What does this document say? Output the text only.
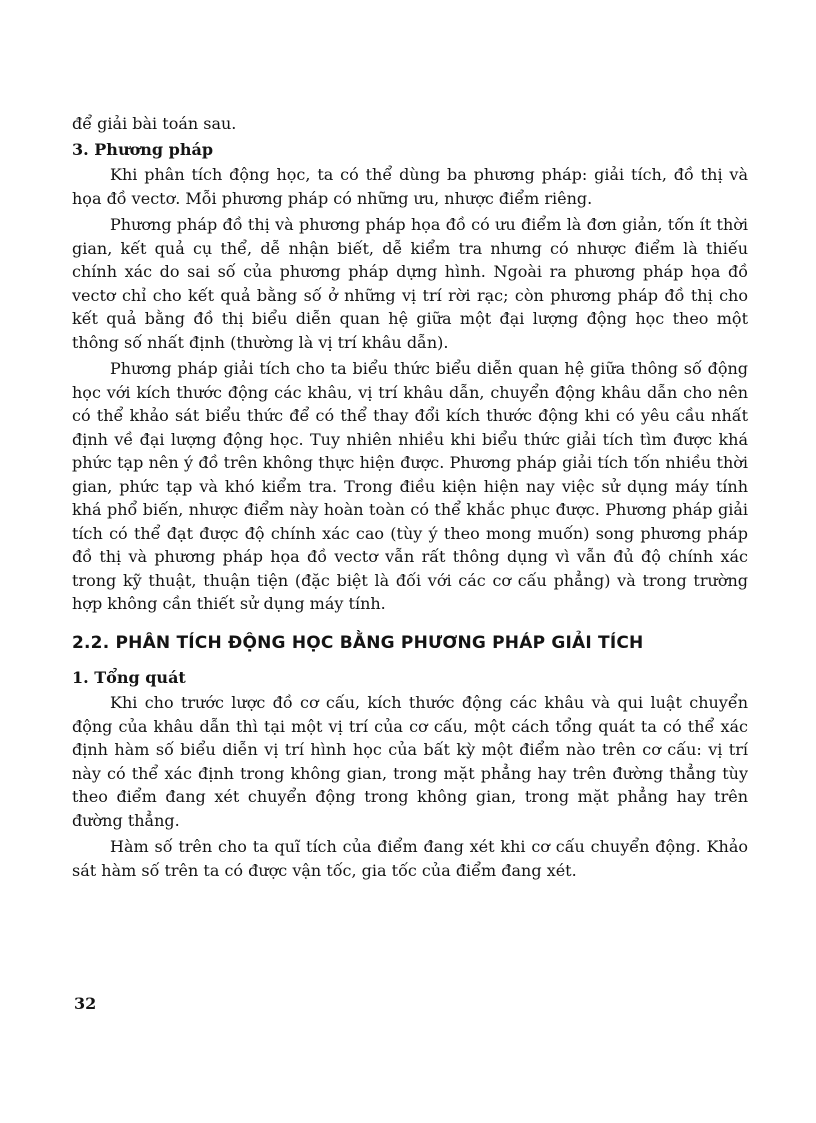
để giải bài toán sau.

3. Phương pháp

Khi phân tích động học, ta có thể dùng ba phương pháp: giải tích, đồ thị và họa đồ vectơ. Mỗi phương pháp có những ưu, nhược điểm riêng.

Phương pháp đồ thị và phương pháp họa đồ có ưu điểm là đơn giản, tốn ít thời gian, kết quả cụ thể, dễ nhận biết, dễ kiểm tra nhưng có nhược điểm là thiếu chính xác do sai số của phương pháp dựng hình. Ngoài ra phương pháp họa đồ vectơ chỉ cho kết quả bằng số ở những vị trí rời rạc; còn phương pháp đồ thị cho kết quả bằng đồ thị biểu diễn quan hệ giữa một đại lượng động học theo một thông số nhất định (thường là vị trí khâu dẫn).

Phương pháp giải tích cho ta biểu thức biểu diễn quan hệ giữa thông số động học với kích thước động các khâu, vị trí khâu dẫn, chuyển động khâu dẫn cho nên có thể khảo sát biểu thức để có thể thay đổi kích thước động khi có yêu cầu nhất định về đại lượng động học. Tuy nhiên nhiều khi biểu thức giải tích tìm được khá phức tạp nên ý đồ trên không thực hiện được. Phương pháp giải tích tốn nhiều thời gian, phức tạp và khó kiểm tra. Trong điều kiện hiện nay việc sử dụng máy tính khá phổ biến, nhược điểm này hoàn toàn có thể khắc phục được. Phương pháp giải tích có thể đạt được độ chính xác cao (tùy ý theo mong muốn) song phương pháp đồ thị và phương pháp họa đồ vectơ vẫn rất thông dụng vì vẫn đủ độ chính xác trong kỹ thuật, thuận tiện (đặc biệt là đối với các cơ cấu phẳng) và trong trường hợp không cần thiết sử dụng máy tính.

2.2. PHÂN TÍCH ĐỘNG HỌC BẰNG PHƯƠNG PHÁP GIẢI TÍCH
1. Tổng quát

Khi cho trước lược đồ cơ cấu, kích thước động các khâu và qui luật chuyển động của khâu dẫn thì tại một vị trí của cơ cấu, một cách tổng quát ta có thể xác định hàm số biểu diễn vị trí hình học của bất kỳ một điểm nào trên cơ cấu: vị trí này có thể xác định trong không gian, trong mặt phẳng hay trên đường thẳng tùy theo điểm đang xét chuyển động trong không gian, trong mặt phẳng hay trên đường thẳng.

Hàm số trên cho ta quĩ tích của điểm đang xét khi cơ cấu chuyển động. Khảo sát hàm số trên ta có được vận tốc, gia tốc của điểm đang xét.

32
